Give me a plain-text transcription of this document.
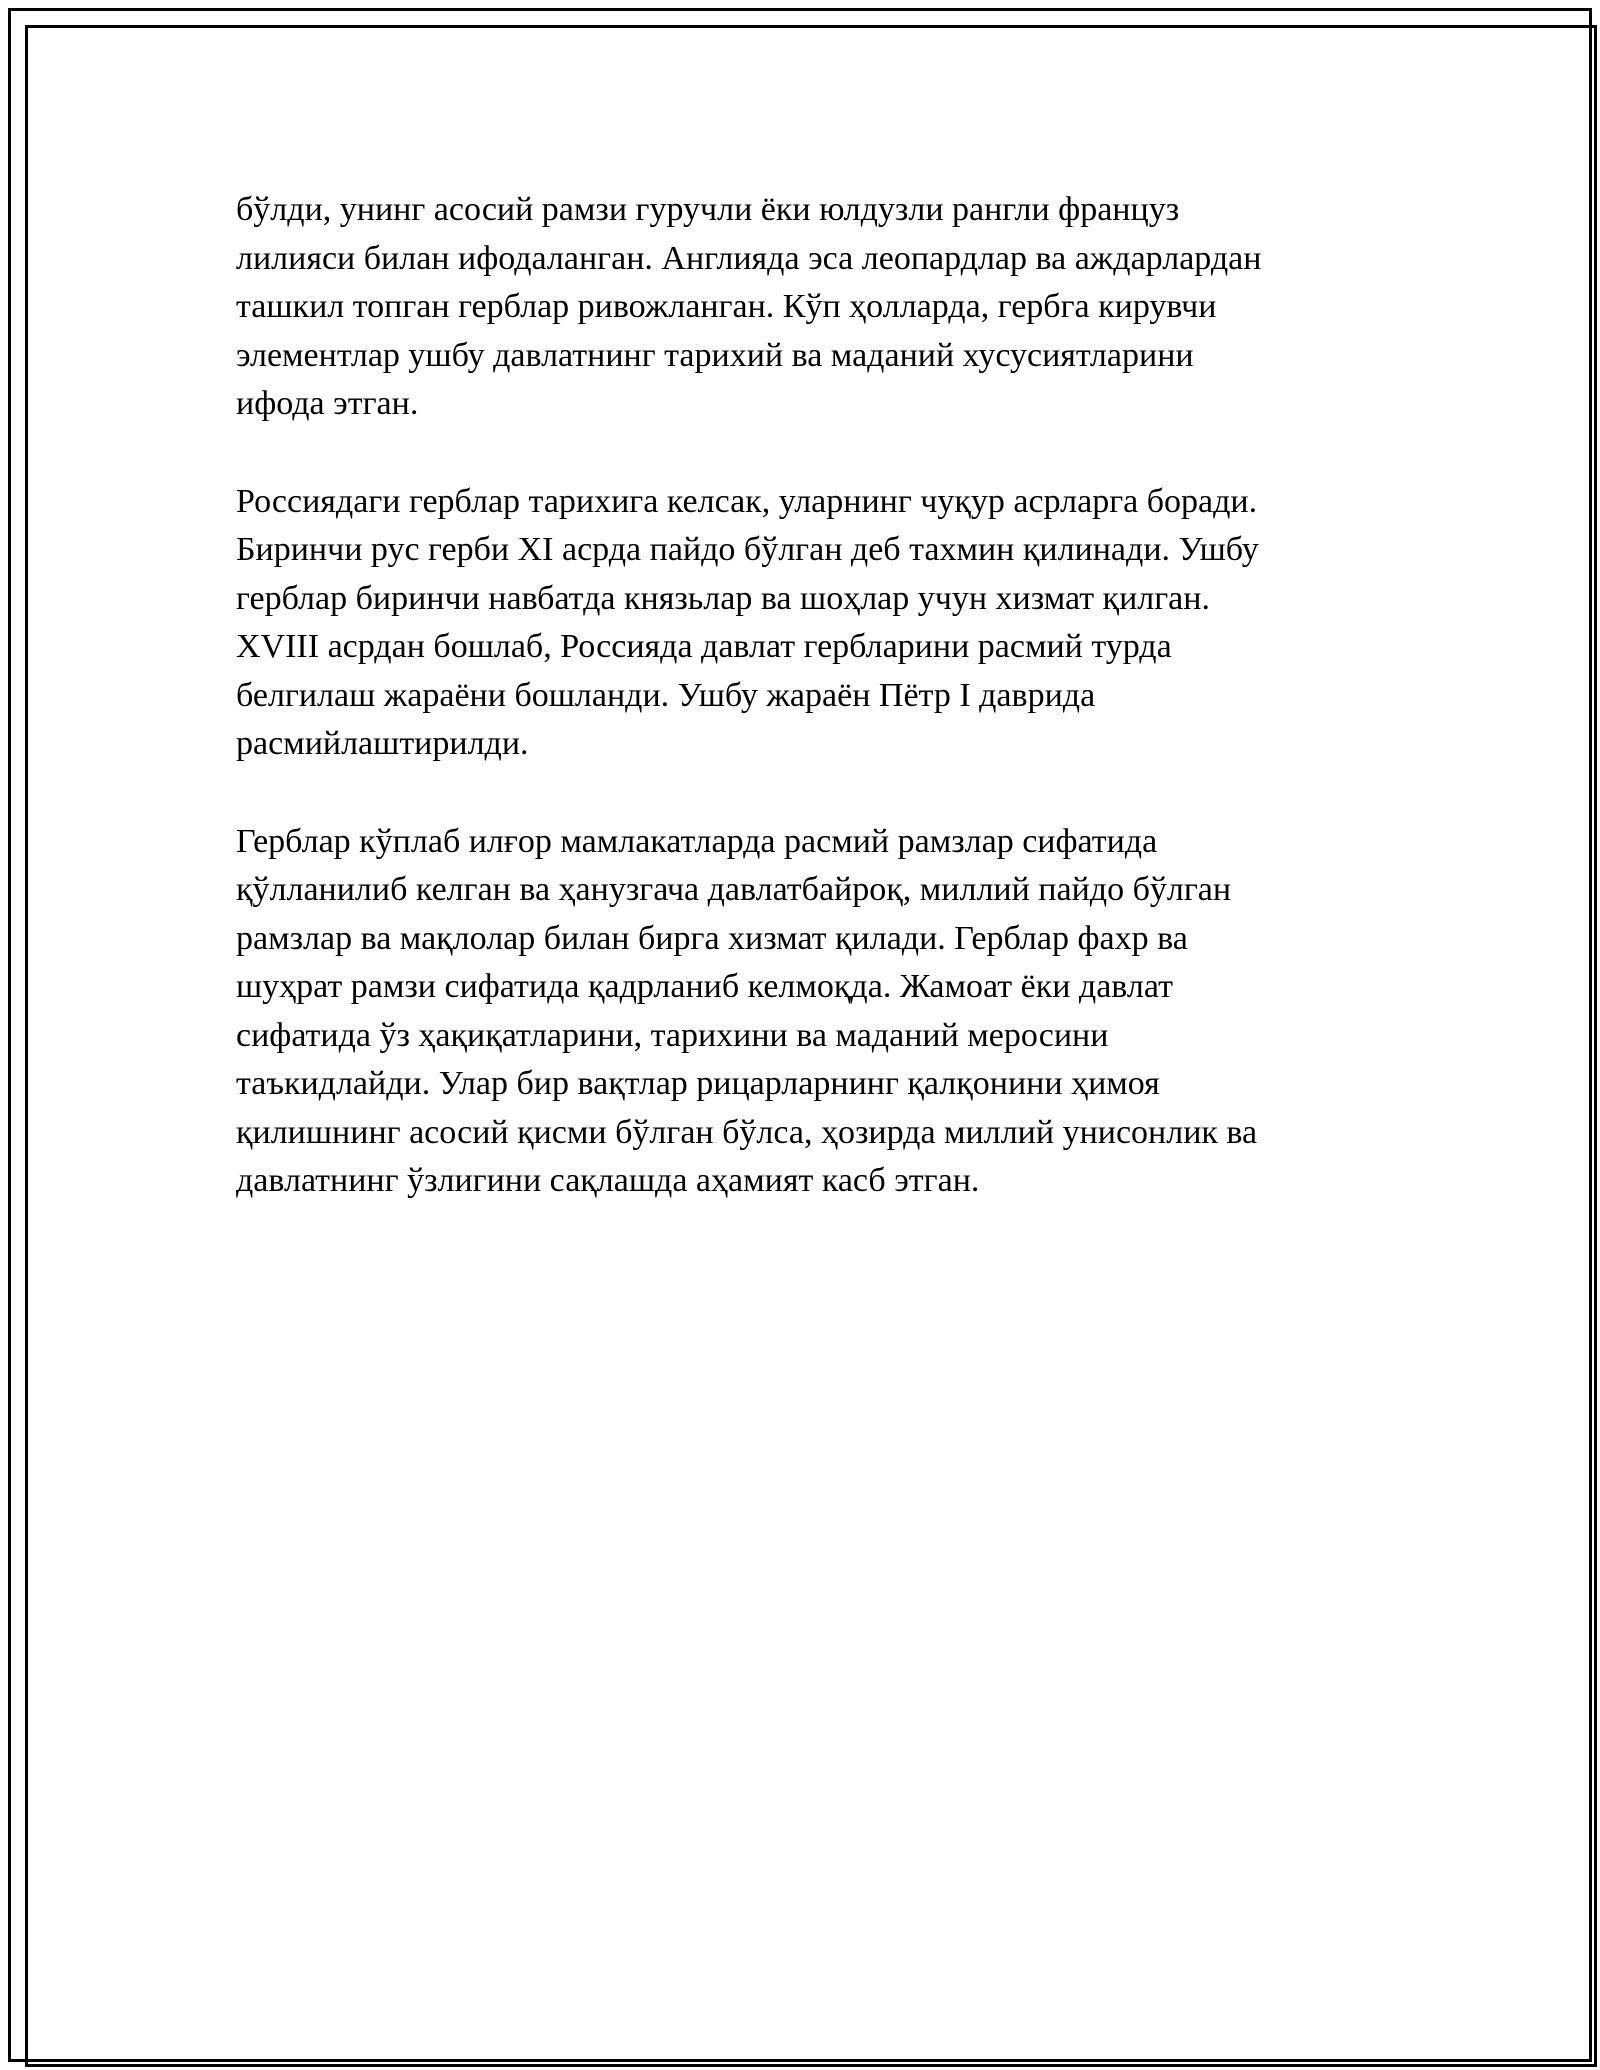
бўлди, унинг асосий рамзи гуручли ёки юлдузли рангли француз
лилияси билан ифодаланган. Англияда эса леопардлар ва аждарлардан
ташкил топган герблар ривожланган. Кўп ҳолларда, гербга кирувчи
элементлар ушбу давлатнинг тарихий ва маданий хусусиятларини
ифода этган.

Россиядаги герблар тарихига келсак, уларнинг чуқур асрларга боради.
Биринчи рус герби XI асрда пайдо бўлган деб тахмин қилинади. Ушбу
герблар биринчи навбатда князьлар ва шоҳлар учун хизмат қилган.
XVIII асрдан бошлаб, Россияда давлат гербларини расмий турда
белгилаш жараёни бошланди. Ушбу жараён Пётр I даврида
расмийлаштирилди.

Герблар кўплаб илғор мамлакатларда расмий рамзлар сифатида
қўлланилиб келган ва ҳанузгача давлатбайроқ, миллий пайдо бўлган
рамзлар ва мақлолар билан бирга хизмат қилади. Герблар фахр ва
шуҳрат рамзи сифатида қадрланиб келмоқда. Жамоат ёки давлат
сифатида ўз ҳақиқатларини, тарихини ва маданий меросини
таъкидлайди. Улар бир вақтлар рицарларнинг қалқонини ҳимоя
қилишнинг асосий қисми бўлган бўлса, ҳозирда миллий унисонлик ва
давлатнинг ўзлигини сақлашда аҳамият касб этган.
